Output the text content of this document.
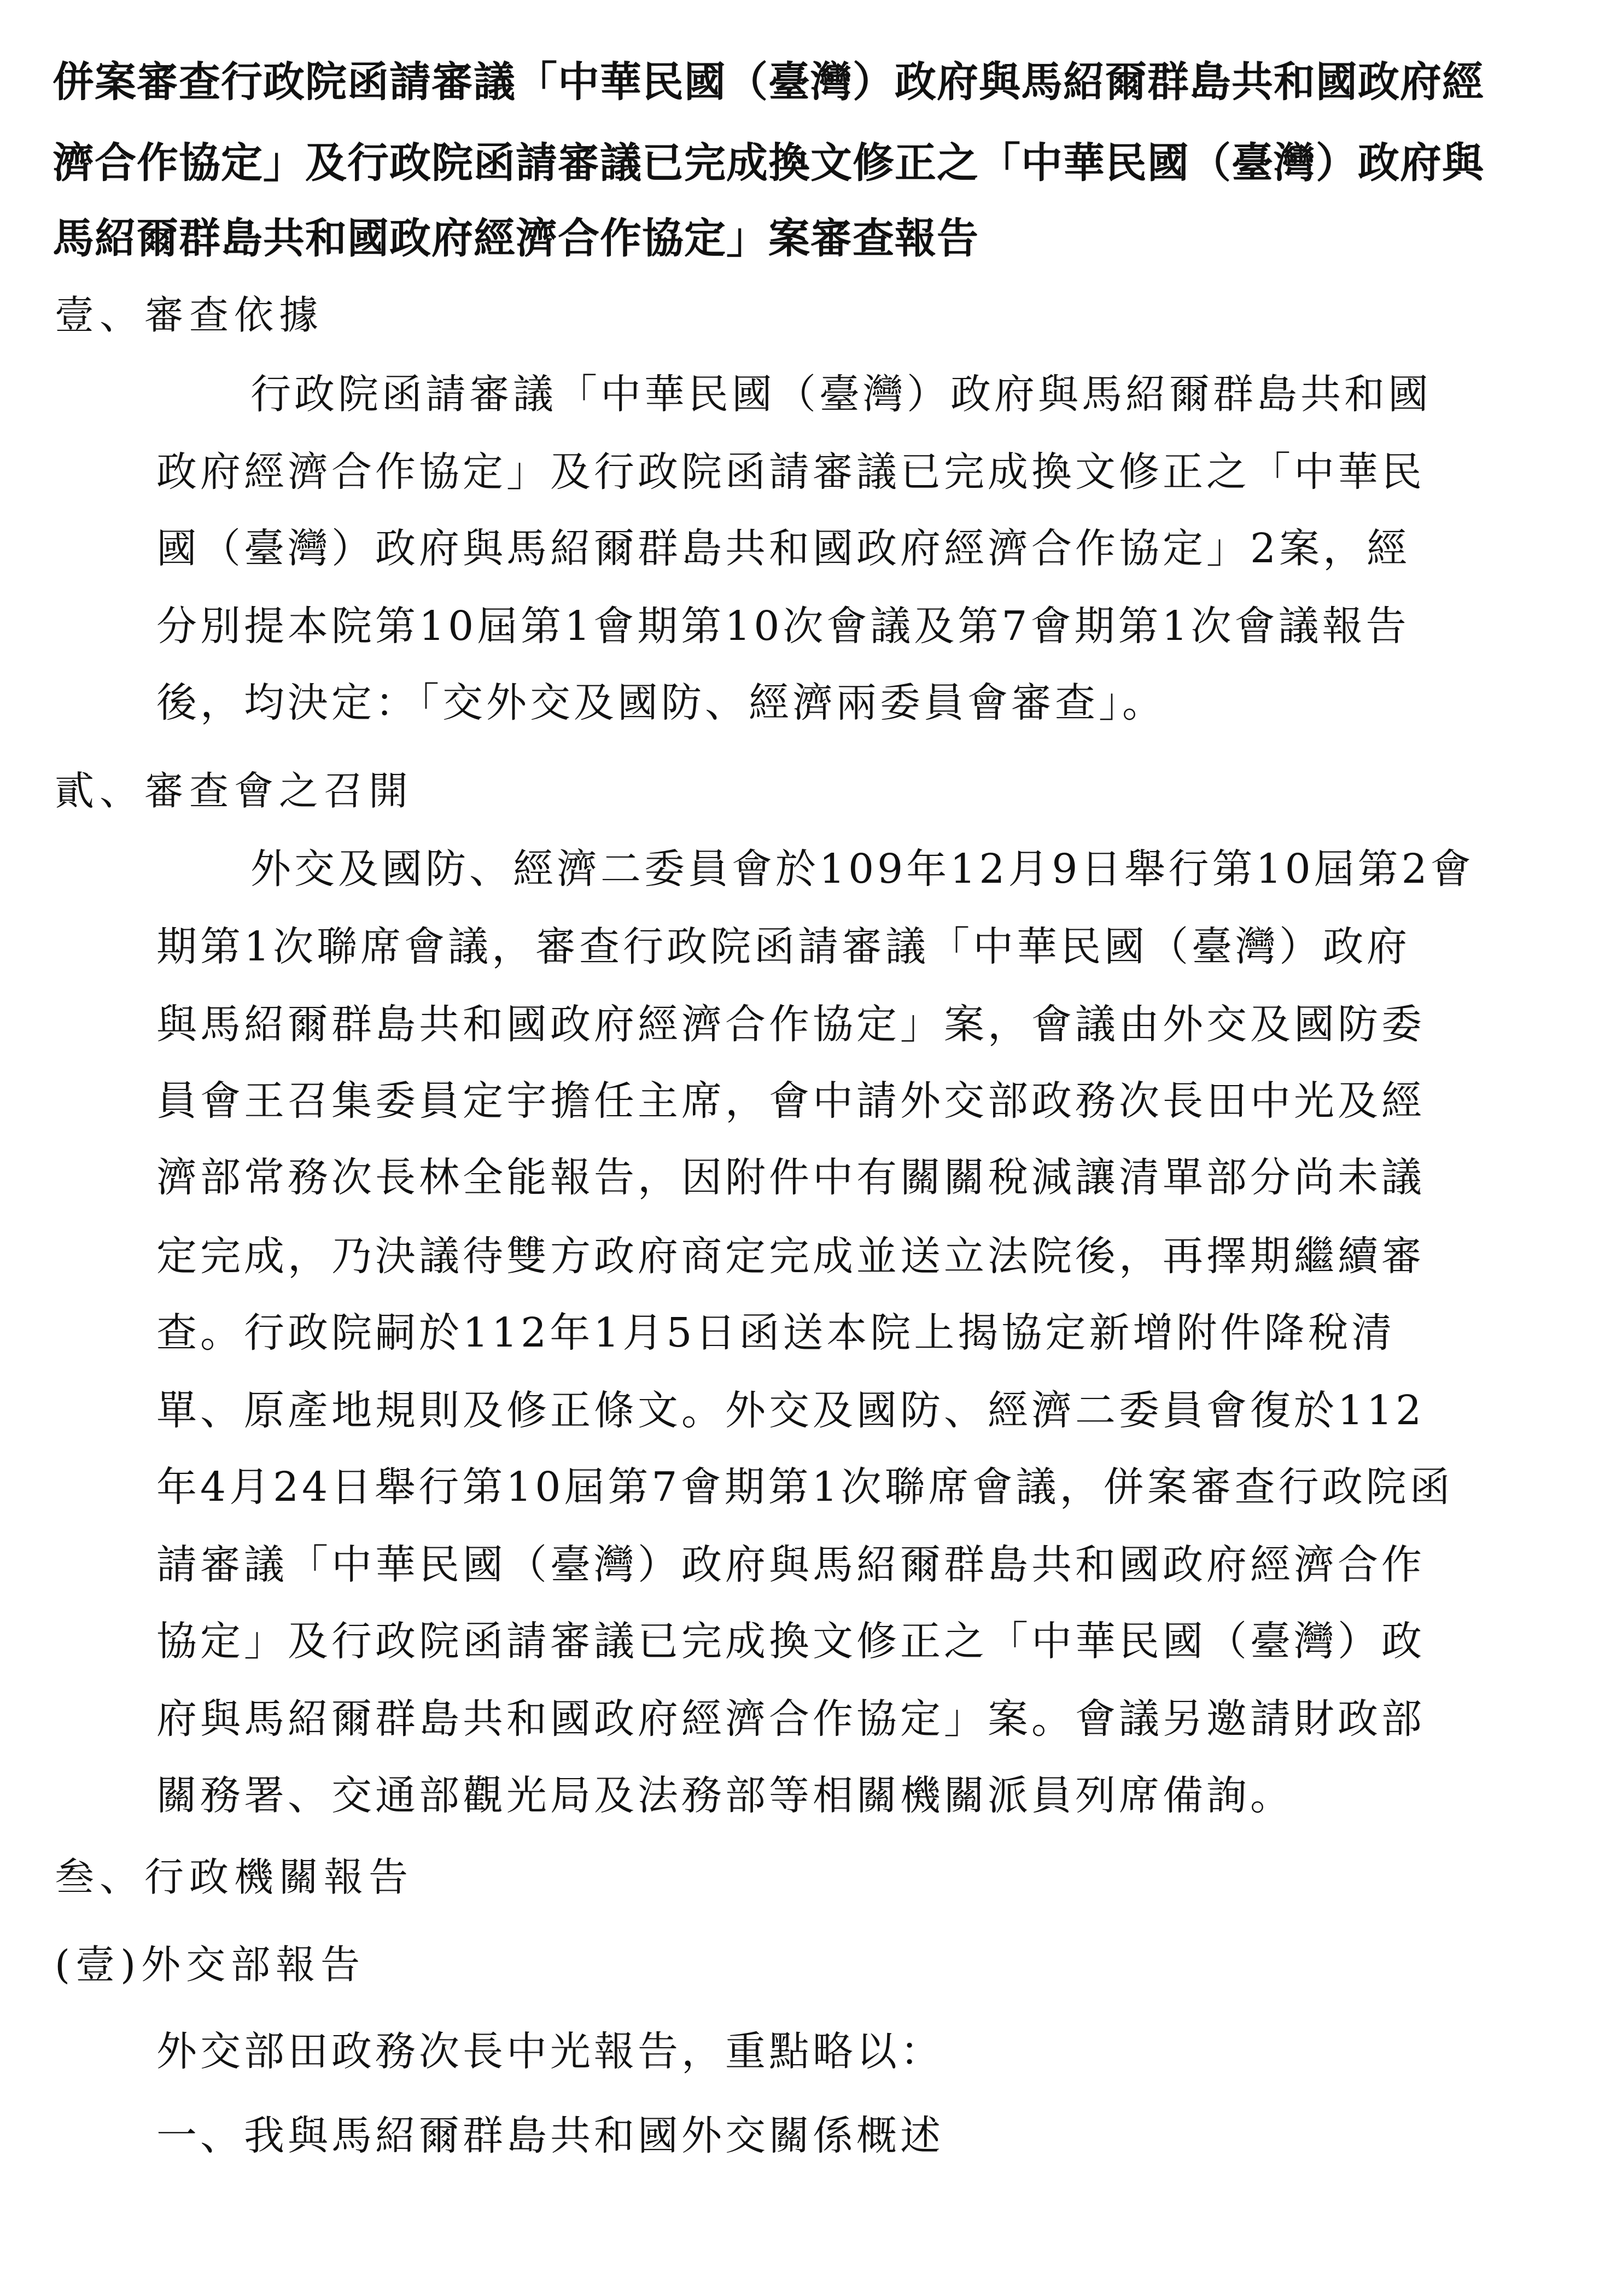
併案審查行政院函請審議「中華民國（臺灣）政府與馬紹爾群島共和國政府經
濟合作協定」及行政院函請審議已完成換文修正之「中華民國（臺灣）政府與
馬紹爾群島共和國政府經濟合作協定」案審查報告
壹、審查依據
行政院函請審議「中華民國（臺灣）政府與馬紹爾群島共和國
政府經濟合作協定」及行政院函請審議已完成換文修正之「中華民
國（臺灣）政府與馬紹爾群島共和國政府經濟合作協定」2案，經
分別提本院第10屆第1會期第10次會議及第7會期第1次會議報告
後，均決定：「交外交及國防、經濟兩委員會審查」。
貳、審查會之召開
外交及國防、經濟二委員會於109年12月9日舉行第10屆第2會
期第1次聯席會議，審查行政院函請審議「中華民國（臺灣）政府
與馬紹爾群島共和國政府經濟合作協定」案，會議由外交及國防委
員會王召集委員定宇擔任主席，會中請外交部政務次長田中光及經
濟部常務次長林全能報告，因附件中有關關稅減讓清單部分尚未議
定完成，乃決議待雙方政府商定完成並送立法院後，再擇期繼續審
查。行政院嗣於112年1月5日函送本院上揭協定新增附件降稅清
單、原產地規則及修正條文。外交及國防、經濟二委員會復於112
年4月24日舉行第10屆第7會期第1次聯席會議，併案審查行政院函
請審議「中華民國（臺灣）政府與馬紹爾群島共和國政府經濟合作
協定」及行政院函請審議已完成換文修正之「中華民國（臺灣）政
府與馬紹爾群島共和國政府經濟合作協定」案。會議另邀請財政部
關務署、交通部觀光局及法務部等相關機關派員列席備詢。
叁、行政機關報告
(壹)外交部報告
外交部田政務次長中光報告，重點略以：
一、我與馬紹爾群島共和國外交關係概述
